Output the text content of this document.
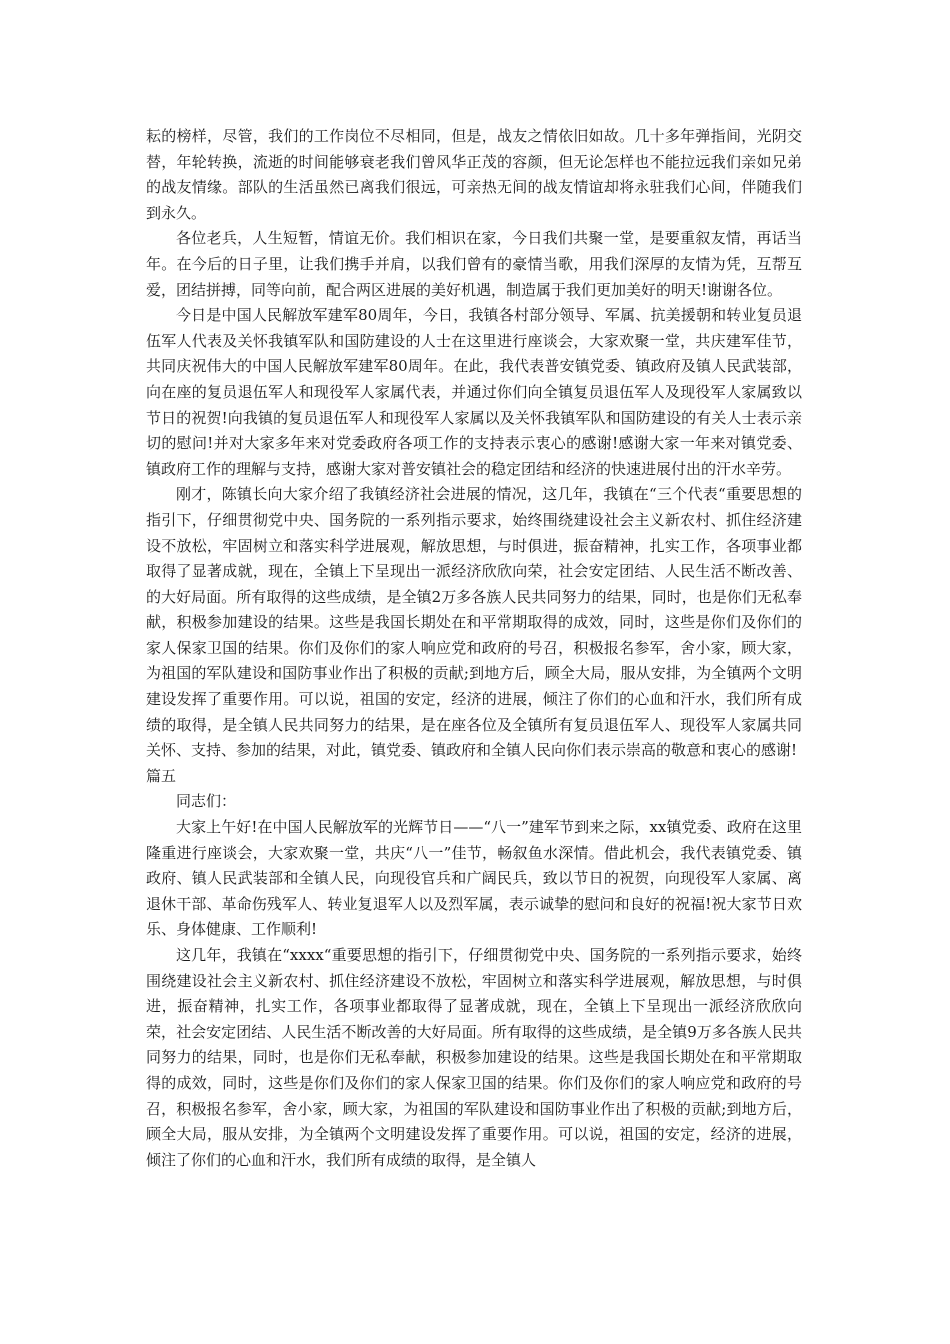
耘的榜样，尽管，我们的工作岗位不尽相同，但是，战友之情依旧如故。几十多年弹指间，光阴交替，年轮转换，流逝的时间能够衰老我们曾风华正茂的容颜，但无论怎样也不能拉远我们亲如兄弟的战友情缘。部队的生活虽然已离我们很远，可亲热无间的战友情谊却将永驻我们心间，伴随我们到永久。

各位老兵，人生短暂，情谊无价。我们相识在家，今日我们共聚一堂，是要重叙友情，再话当年。在今后的日子里，让我们携手并肩，以我们曾有的豪情当歌，用我们深厚的友情为凭，互帮互爱，团结拼搏，同等向前，配合两区进展的美好机遇，制造属于我们更加美好的明天!谢谢各位。

今日是中国人民解放军建军80周年，今日，我镇各村部分领导、军属、抗美援朝和转业复员退伍军人代表及关怀我镇军队和国防建设的人士在这里进行座谈会，大家欢聚一堂，共庆建军佳节，共同庆祝伟大的中国人民解放军建军80周年。在此，我代表普安镇党委、镇政府及镇人民武装部，向在座的复员退伍军人和现役军人家属代表，并通过你们向全镇复员退伍军人及现役军人家属致以节日的祝贺!向我镇的复员退伍军人和现役军人家属以及关怀我镇军队和国防建设的有关人士表示亲切的慰问!并对大家多年来对党委政府各项工作的支持表示衷心的感谢!感谢大家一年来对镇党委、镇政府工作的理解与支持，感谢大家对普安镇社会的稳定团结和经济的快速进展付出的汗水辛劳。

刚才，陈镇长向大家介绍了我镇经济社会进展的情况，这几年，我镇在“三个代表“重要思想的指引下，仔细贯彻党中央、国务院的一系列指示要求，始终围绕建设社会主义新农村、抓住经济建设不放松，牢固树立和落实科学进展观，解放思想，与时俱进，振奋精神，扎实工作，各项事业都取得了显著成就，现在，全镇上下呈现出一派经济欣欣向荣，社会安定团结、人民生活不断改善、的大好局面。所有取得的这些成绩，是全镇2万多各族人民共同努力的结果，同时，也是你们无私奉献，积极参加建设的结果。这些是我国长期处在和平常期取得的成效，同时，这些是你们及你们的家人保家卫国的结果。你们及你们的家人响应党和政府的号召，积极报名参军，舍小家，顾大家，为祖国的军队建设和国防事业作出了积极的贡献;到地方后，顾全大局，服从安排，为全镇两个文明建设发挥了重要作用。可以说，祖国的安定，经济的进展，倾注了你们的心血和汗水，我们所有成绩的取得，是全镇人民共同努力的结果，是在座各位及全镇所有复员退伍军人、现役军人家属共同关怀、支持、参加的结果，对此，镇党委、镇政府和全镇人民向你们表示崇高的敬意和衷心的感谢!

篇五

同志们：

大家上午好!在中国人民解放军的光辉节日——“八一”建军节到来之际，xx镇党委、政府在这里隆重进行座谈会，大家欢聚一堂，共庆“八一”佳节，畅叙鱼水深情。借此机会，我代表镇党委、镇政府、镇人民武装部和全镇人民，向现役官兵和广阔民兵，致以节日的祝贺，向现役军人家属、离退休干部、革命伤残军人、转业复退军人以及烈军属，表示诚挚的慰问和良好的祝福!祝大家节日欢乐、身体健康、工作顺利!

这几年，我镇在“xxxx“重要思想的指引下，仔细贯彻党中央、国务院的一系列指示要求，始终围绕建设社会主义新农村、抓住经济建设不放松，牢固树立和落实科学进展观，解放思想，与时俱进，振奋精神，扎实工作，各项事业都取得了显著成就，现在，全镇上下呈现出一派经济欣欣向荣，社会安定团结、人民生活不断改善的大好局面。所有取得的这些成绩，是全镇9万多各族人民共同努力的结果，同时，也是你们无私奉献，积极参加建设的结果。这些是我国长期处在和平常期取得的成效，同时，这些是你们及你们的家人保家卫国的结果。你们及你们的家人响应党和政府的号召，积极报名参军，舍小家，顾大家，为祖国的军队建设和国防事业作出了积极的贡献;到地方后，顾全大局，服从安排，为全镇两个文明建设发挥了重要作用。可以说，祖国的安定，经济的进展，倾注了你们的心血和汗水，我们所有成绩的取得，是全镇人
